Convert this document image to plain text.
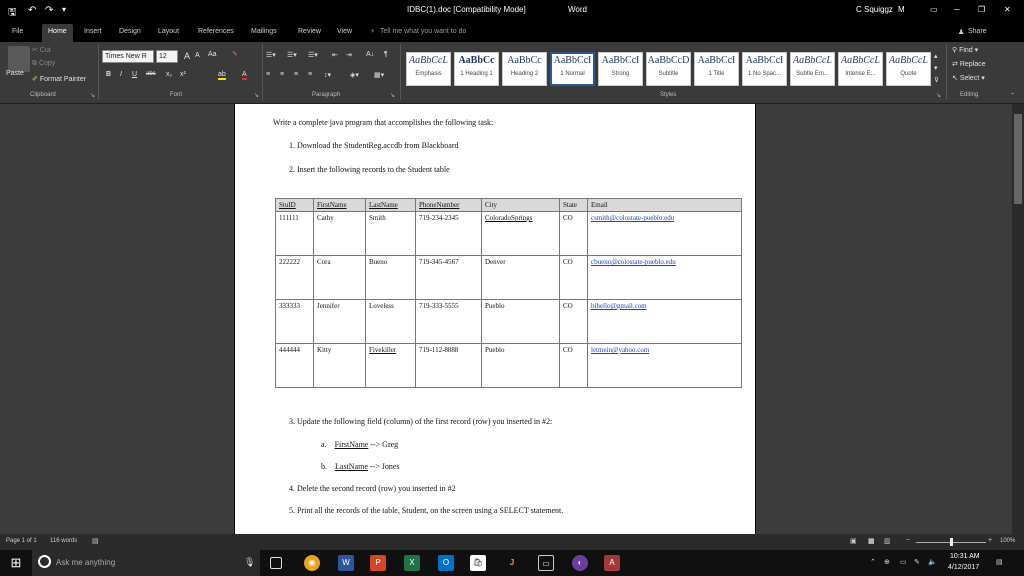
🖫 ↶ ↷ ▾	IDBC(1).doc [Compatibility Mode]	Word	C Squiggz M	▭ ─ ❐ ✕
File	Home	Insert Design Layout	References Mailings	Review View	♀ Tell me what you want to do	♟ Share
Paste
✂ Cut
⧉ Copy
✐ Format Painter
Clipboard	↘
Times New R	12	A A Aa ✎
B I U abc x₂ x²	ab A
Font	↘
☰▾ ☰▾ ☰▾ ⇤ ⇥ A↓ ¶
≡ ≡ ≡ ≡ ↕▾	◈▾ ▦▾
Paragraph	↘
AaBbCcL
Emphasis
AaBbCc
1 Heading 1
AaBbCc
Heading 2
AaBbCcI
1 Normal
AaBbCcI
Strong
AaBbCcD
Subtitle
AaBbCcI
1 Title
AaBbCcI
1 No Spac...
AaBbCcL
Subtle Em...
AaBbCcL
Intense E...
AaBbCcL
Quote
▴
▾
⊽
Styles	↘
⚲ Find ▾
⇄ Replace
↖ Select ▾
Editing	⌃
Write a complete java program that accomplishes the following task:
1. Download the StudentReg.accdb from Blackboard
2. Insert the following records to the Student table
StuID	FirstName	LastName	PhoneNumber	City	State	Email
111111	Cathy	Smith	719-234-2345	ColoradoSprings	CO	csmith@colostate-pueblo.edu
222222	Cora	Bueno	719-345-4567	Denver	CO	cbueno@colostate-pueblo.edu
333333	Jennifer	Loveless	719-333-5555	Pueblo	CO	bihello@gmail.com
444444	Kitty	Fivekiller	719-112-8888	Pueblo	CO	letmein@yahoo.com
3. Update the following field (column) of the first record (row) you inserted in #2:
a. FirstName --> Greg
b. LastName --> Jones
4. Delete the second record (row) you inserted in #2
5. Print all the records of the table, Student, on the screen using a SELECT statement.
Page 1 of 1 116 words ▤	▣ ▦ ▥ −	+ 100%
⊞	Ask me anything	🎙	◉	W	P	X	O	🛍	J	▭	◐	A	⌃ ⊕ ▭ ✎ 🔈
10:31 AM
4/12/2017
▤
